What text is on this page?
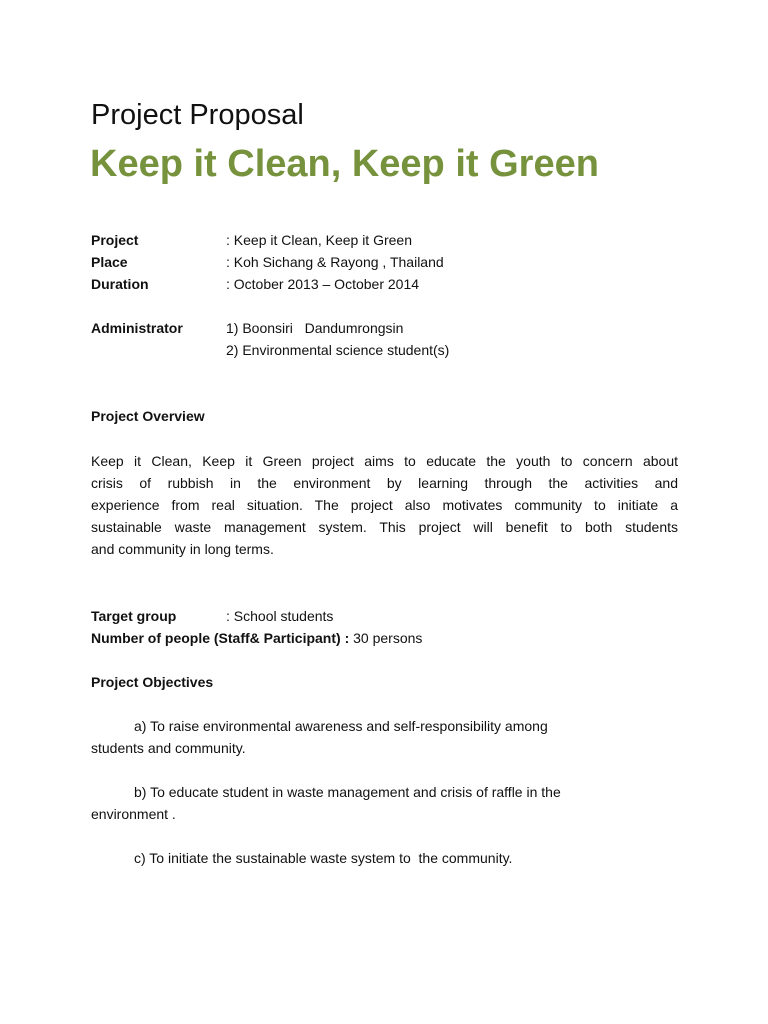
Project Proposal
Keep it Clean, Keep it Green
Project	: Keep it Clean, Keep it Green
Place	: Koh Sichang & Rayong , Thailand
Duration	: October 2013 – October 2014
Administrator	1) Boonsiri   Dandumrongsin
2) Environmental science student(s)
Project Overview
Keep it Clean, Keep it Green project aims to educate the youth to concern about
crisis of rubbish in the environment by learning through the activities and
experience from real situation. The project also motivates community to initiate a
sustainable waste management system. This project will benefit to both students
and community in long terms.
Target group	: School students
Number of people (Staff& Participant) : 30 persons
Project Objectives
a) To raise environmental awareness and self-responsibility among
students and community.
b) To educate student in waste management and crisis of raffle in the
environment .
c) To initiate the sustainable waste system to  the community.
